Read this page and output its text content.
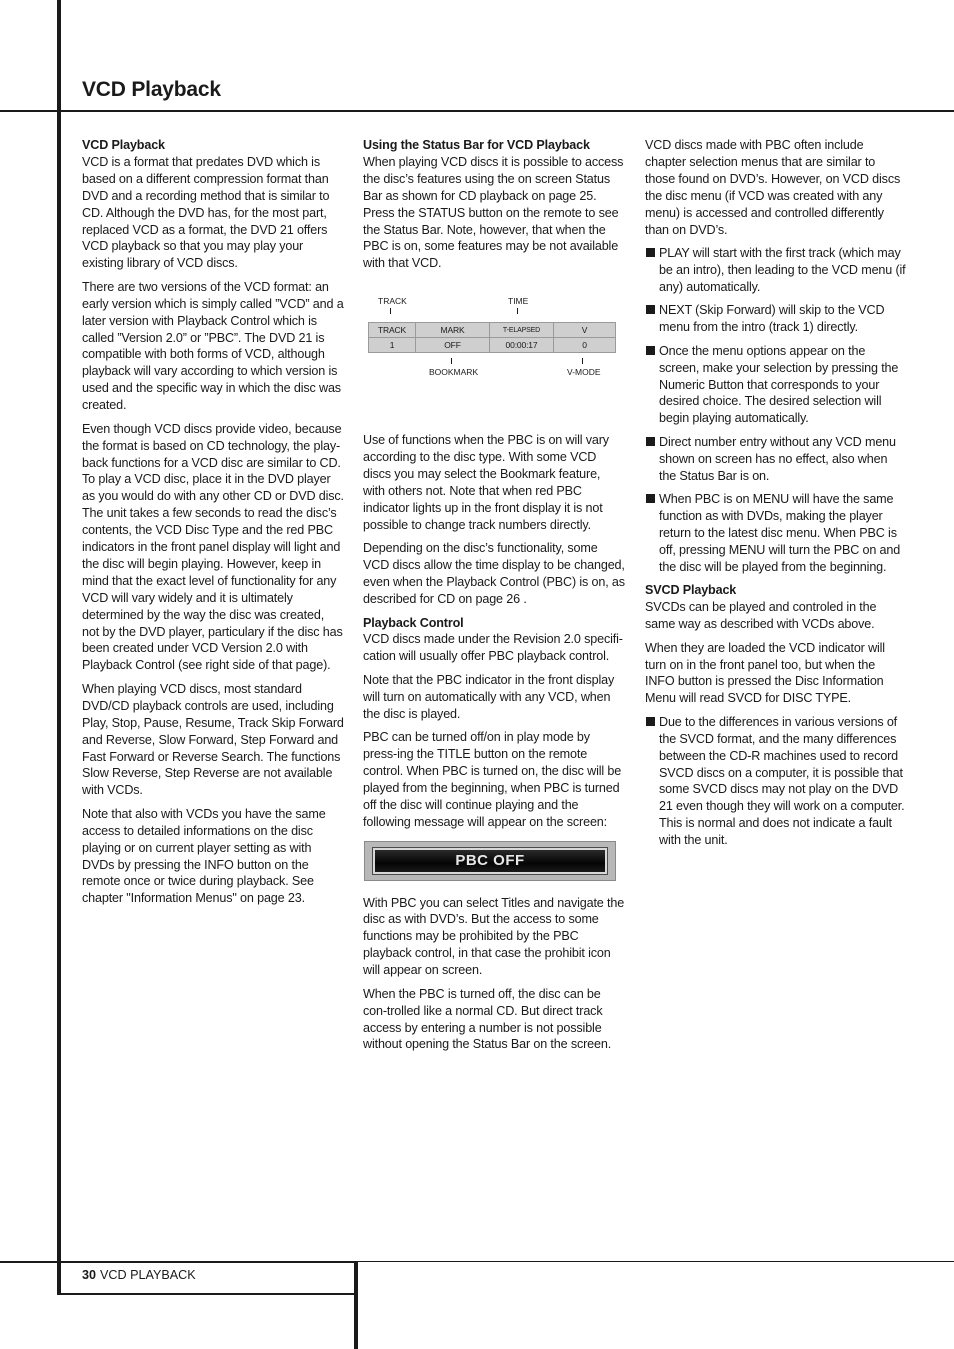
VCD Playback
VCD Playback

VCD is a format that predates DVD which is based on a different compression format than DVD and a recording method that is similar to CD. Although the DVD has, for the most part, replaced VCD as a format, the DVD 21 offers VCD playback so that you may play your existing library of VCD discs.

There are two versions of the VCD format: an early version which is simply called ”VCD” and a later version with Playback Control which is called ”Version 2.0” or ”PBC”. The DVD 21 is compatible with both forms of VCD, although playback will vary according to which version is used and the specific way in which the disc was created.

Even though VCD discs provide video, because the format is based on CD technology, the play-back functions for a VCD disc are similar to CD. To play a VCD disc, place it in the DVD player as you would do with any other CD or DVD disc. The unit takes a few seconds to read the disc’s contents, the VCD Disc Type and the red PBC indicators in the front panel display will light and the disc will begin playing. However, keep in mind that the exact level of functionality for any VCD will vary widely and it is ultimately determined by the way the disc was created, not by the DVD player, particulary if the disc has been created under VCD Version 2.0 with Playback Control (see right side of that page).

When playing VCD discs, most standard DVD/CD playback controls are used, including Play, Stop, Pause, Resume, Track Skip Forward and Reverse, Slow Forward, Step Forward and Fast Forward or Reverse Search. The functions Slow Reverse, Step Reverse are not available with VCDs.

Note that also with VCDs you have the same access to detailed informations on the disc playing or on current player setting as with DVDs by pressing the INFO button on the remote once or twice during playback. See chapter "Information Menus" on page 23.

Using the Status Bar for VCD Playback

When playing VCD discs it is possible to access the disc’s features using the on screen Status Bar as shown for CD playback on page 25. Press the STATUS button on the remote to see the Status Bar. Note, however, that when the PBC is on, some features may be not available with that VCD.

TRACK	TIME
TRACK	MARK	T-ELAPSED	V
1	OFF	00:00:17	0
BOOKMARK	V-MODE

Use of functions when the PBC is on will vary according to the disc type. With some VCD discs you may select the Bookmark feature, with others not. Note that when red PBC indicator lights up in the front display it is not possible to change track numbers directly.

Depending on the disc’s functionality, some VCD discs allow the time display to be changed, even when the Playback Control (PBC) is on, as described for CD on page 26 .

Playback Control

VCD discs made under the Revision 2.0 specifi-cation will usually offer PBC playback control.

Note that the PBC indicator in the front display will turn on automatically with any VCD, when the disc is played.

PBC can be turned off/on in play mode by press-ing the TITLE button on the remote control. When PBC is turned on, the disc will be played from the beginning, when PBC is turned off the disc will continue playing and the following message will appear on the screen:

PBC OFF

With PBC you can select Titles and navigate the disc as with DVD’s. But the access to some functions may be prohibited by the PBC playback control, in that case the prohibit icon will appear on screen.

When the PBC is turned off, the disc can be con-trolled like a normal CD. But direct track access by entering a number is not possible without opening the Status Bar on the screen.

VCD discs made with PBC often include chapter selection menus that are similar to those found on DVD’s. However, on VCD discs the disc menu (if VCD was created with any menu) is accessed and controlled differently than on DVD’s.

PLAY will start with the first track (which may be an intro), then leading to the VCD menu (if any) automatically.
NEXT (Skip Forward) will skip to the VCD menu from the intro (track 1) directly.
Once the menu options appear on the screen, make your selection by pressing the Numeric Button that corresponds to your desired choice. The desired selection will begin playing automatically.
Direct number entry without any VCD menu shown on screen has no effect, also when the Status Bar is on.
When PBC is on MENU will have the same function as with DVDs, making the player return to the latest disc menu. When PBC is off, pressing MENU will turn the PBC on and the disc will be played from the beginning.
SVCD Playback

SVCDs can be played and controled in the same way as described with VCDs above.

When they are loaded the VCD indicator will turn on in the front panel too, but when the INFO button is pressed the Disc Information Menu will read SVCD for DISC TYPE.

Due to the differences in various versions of the SVCD format, and the many differences between the CD-R machines used to record SVCD discs on a computer, it is possible that some SVCD discs may not play on the DVD 21 even though they will work on a computer. This is normal and does not indicate a fault with the unit.
30 VCD PLAYBACK
